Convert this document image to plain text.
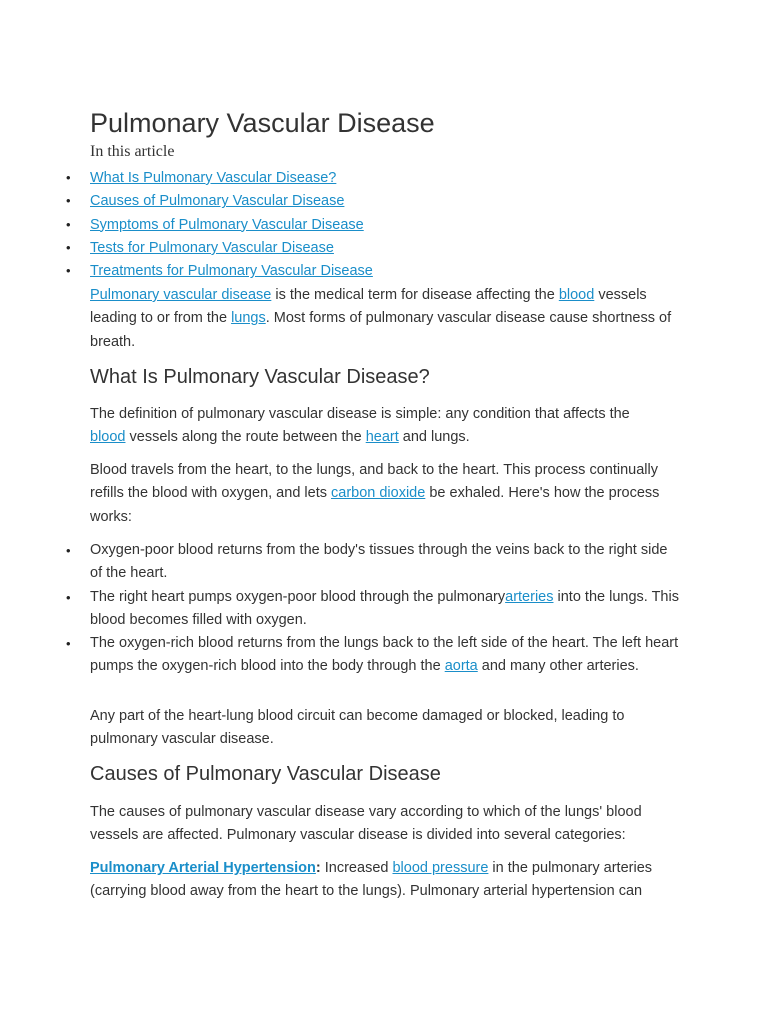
Pulmonary Vascular Disease

In this article

• What Is Pulmonary Vascular Disease?
• Causes of Pulmonary Vascular Disease
• Symptoms of Pulmonary Vascular Disease
• Tests for Pulmonary Vascular Disease
• Treatments for Pulmonary Vascular Disease

Pulmonary vascular disease is the medical term for disease affecting the blood vessels leading to or from the lungs. Most forms of pulmonary vascular disease cause shortness of breath.

What Is Pulmonary Vascular Disease?

The definition of pulmonary vascular disease is simple: any condition that affects the blood vessels along the route between the heart and lungs.

Blood travels from the heart, to the lungs, and back to the heart. This process continually refills the blood with oxygen, and lets carbon dioxide be exhaled. Here's how the process works:

• Oxygen-poor blood returns from the body's tissues through the veins back to the right side of the heart.
• The right heart pumps oxygen-poor blood through the pulmonaryarteries into the lungs. This blood becomes filled with oxygen.
• The oxygen-rich blood returns from the lungs back to the left side of the heart. The left heart pumps the oxygen-rich blood into the body through the aorta and many other arteries.

Any part of the heart-lung blood circuit can become damaged or blocked, leading to pulmonary vascular disease.

Causes of Pulmonary Vascular Disease

The causes of pulmonary vascular disease vary according to which of the lungs' blood vessels are affected. Pulmonary vascular disease is divided into several categories:

Pulmonary Arterial Hypertension: Increased blood pressure in the pulmonary arteries (carrying blood away from the heart to the lungs). Pulmonary arterial hypertension can
